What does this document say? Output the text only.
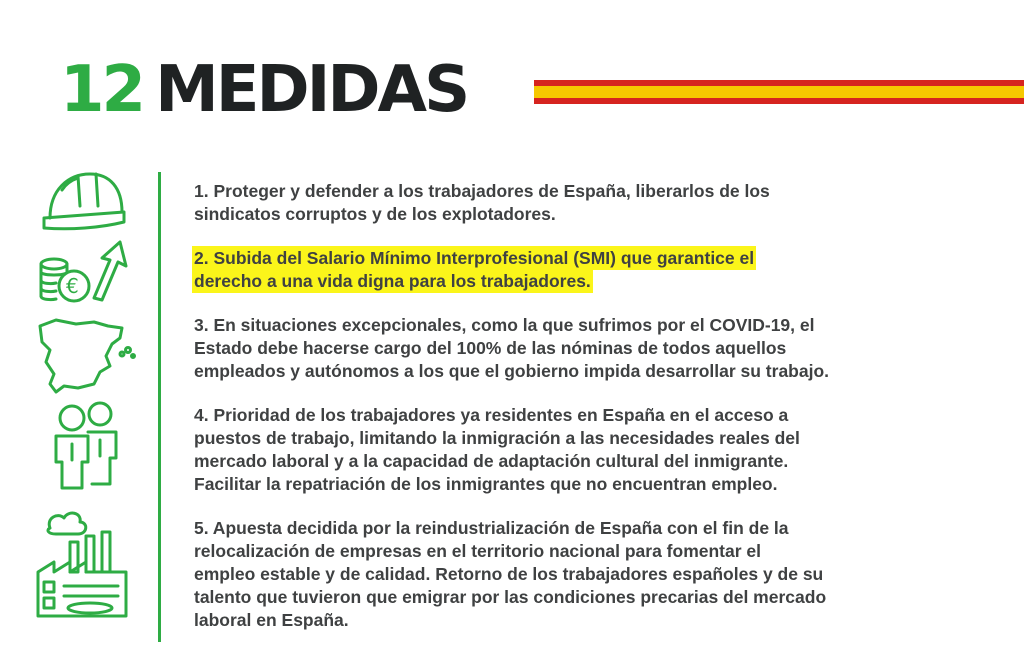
12 MEDIDAS
€
1. Proteger y defender a los trabajadores de España, liberarlos de los
sindicatos corruptos y de los explotadores.
2. Subida del Salario Mínimo Interprofesional (SMI) que garantice el
derecho a una vida digna para los trabajadores.
3. En situaciones excepcionales, como la que sufrimos por el COVID-19, el
Estado debe hacerse cargo del 100% de las nóminas de todos aquellos
empleados y autónomos a los que el gobierno impida desarrollar su trabajo.
4. Prioridad de los trabajadores ya residentes en España en el acceso a
puestos de trabajo, limitando la inmigración a las necesidades reales del
mercado laboral y a la capacidad de adaptación cultural del inmigrante.
Facilitar la repatriación de los inmigrantes que no encuentran empleo.
5. Apuesta decidida por la reindustrialización de España con el fin de la
relocalización de empresas en el territorio nacional para fomentar el
empleo estable y de calidad. Retorno de los trabajadores españoles y de su
talento que tuvieron que emigrar por las condiciones precarias del mercado
laboral en España.
